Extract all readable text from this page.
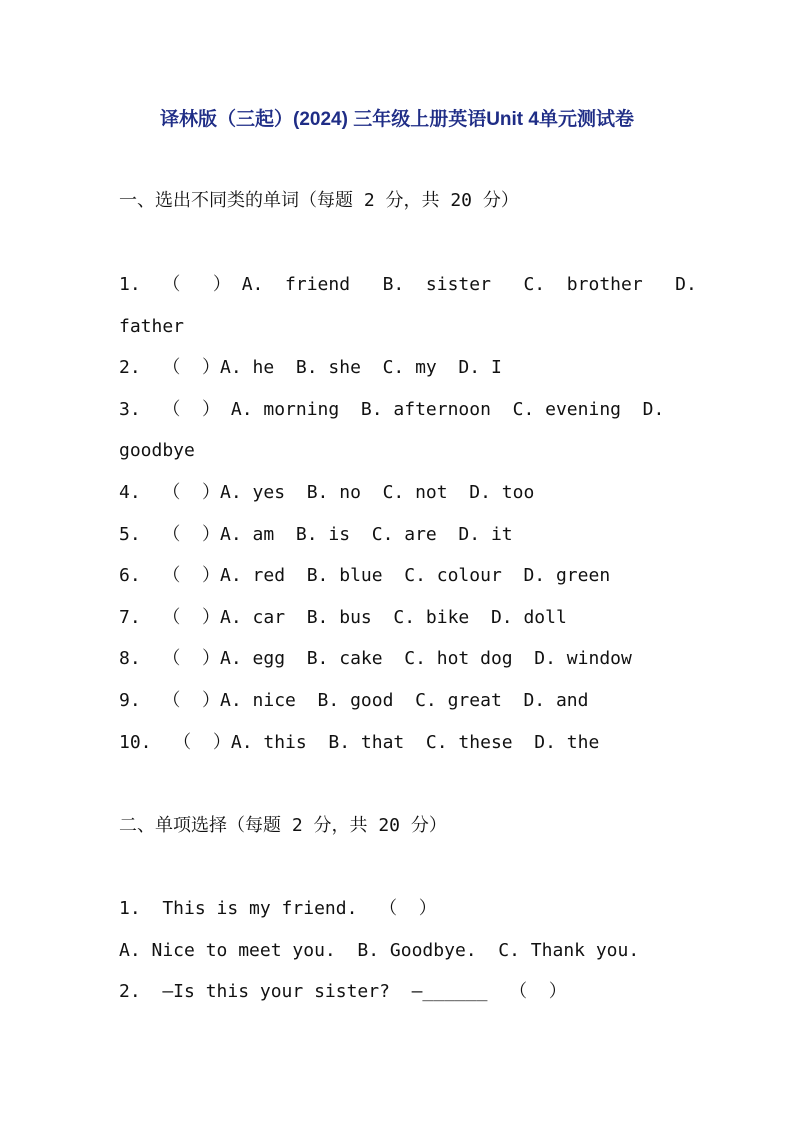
译林版（三起）(2024) 三年级上册英语Unit 4单元测试卷
一、选出不同类的单词（每题 2 分，共 20 分）
1.  （   ） A.  friend   B.  sister   C.  brother   D.
father
2.  （  ）A. he  B. she  C. my  D. I
3.  （  ） A. morning  B. afternoon  C. evening  D.
goodbye
4.  （  ）A. yes  B. no  C. not  D. too
5.  （  ）A. am  B. is  C. are  D. it
6.  （  ）A. red  B. blue  C. colour  D. green
7.  （  ）A. car  B. bus  C. bike  D. doll
8.  （  ）A. egg  B. cake  C. hot dog  D. window
9.  （  ）A. nice  B. good  C. great  D. and
10.  （  ）A. this  B. that  C. these  D. the
二、单项选择（每题 2 分，共 20 分）
1.  This is my friend.  （  ）
A. Nice to meet you.  B. Goodbye.  C. Thank you.
2.  —Is this your sister?  —______  （  ）
